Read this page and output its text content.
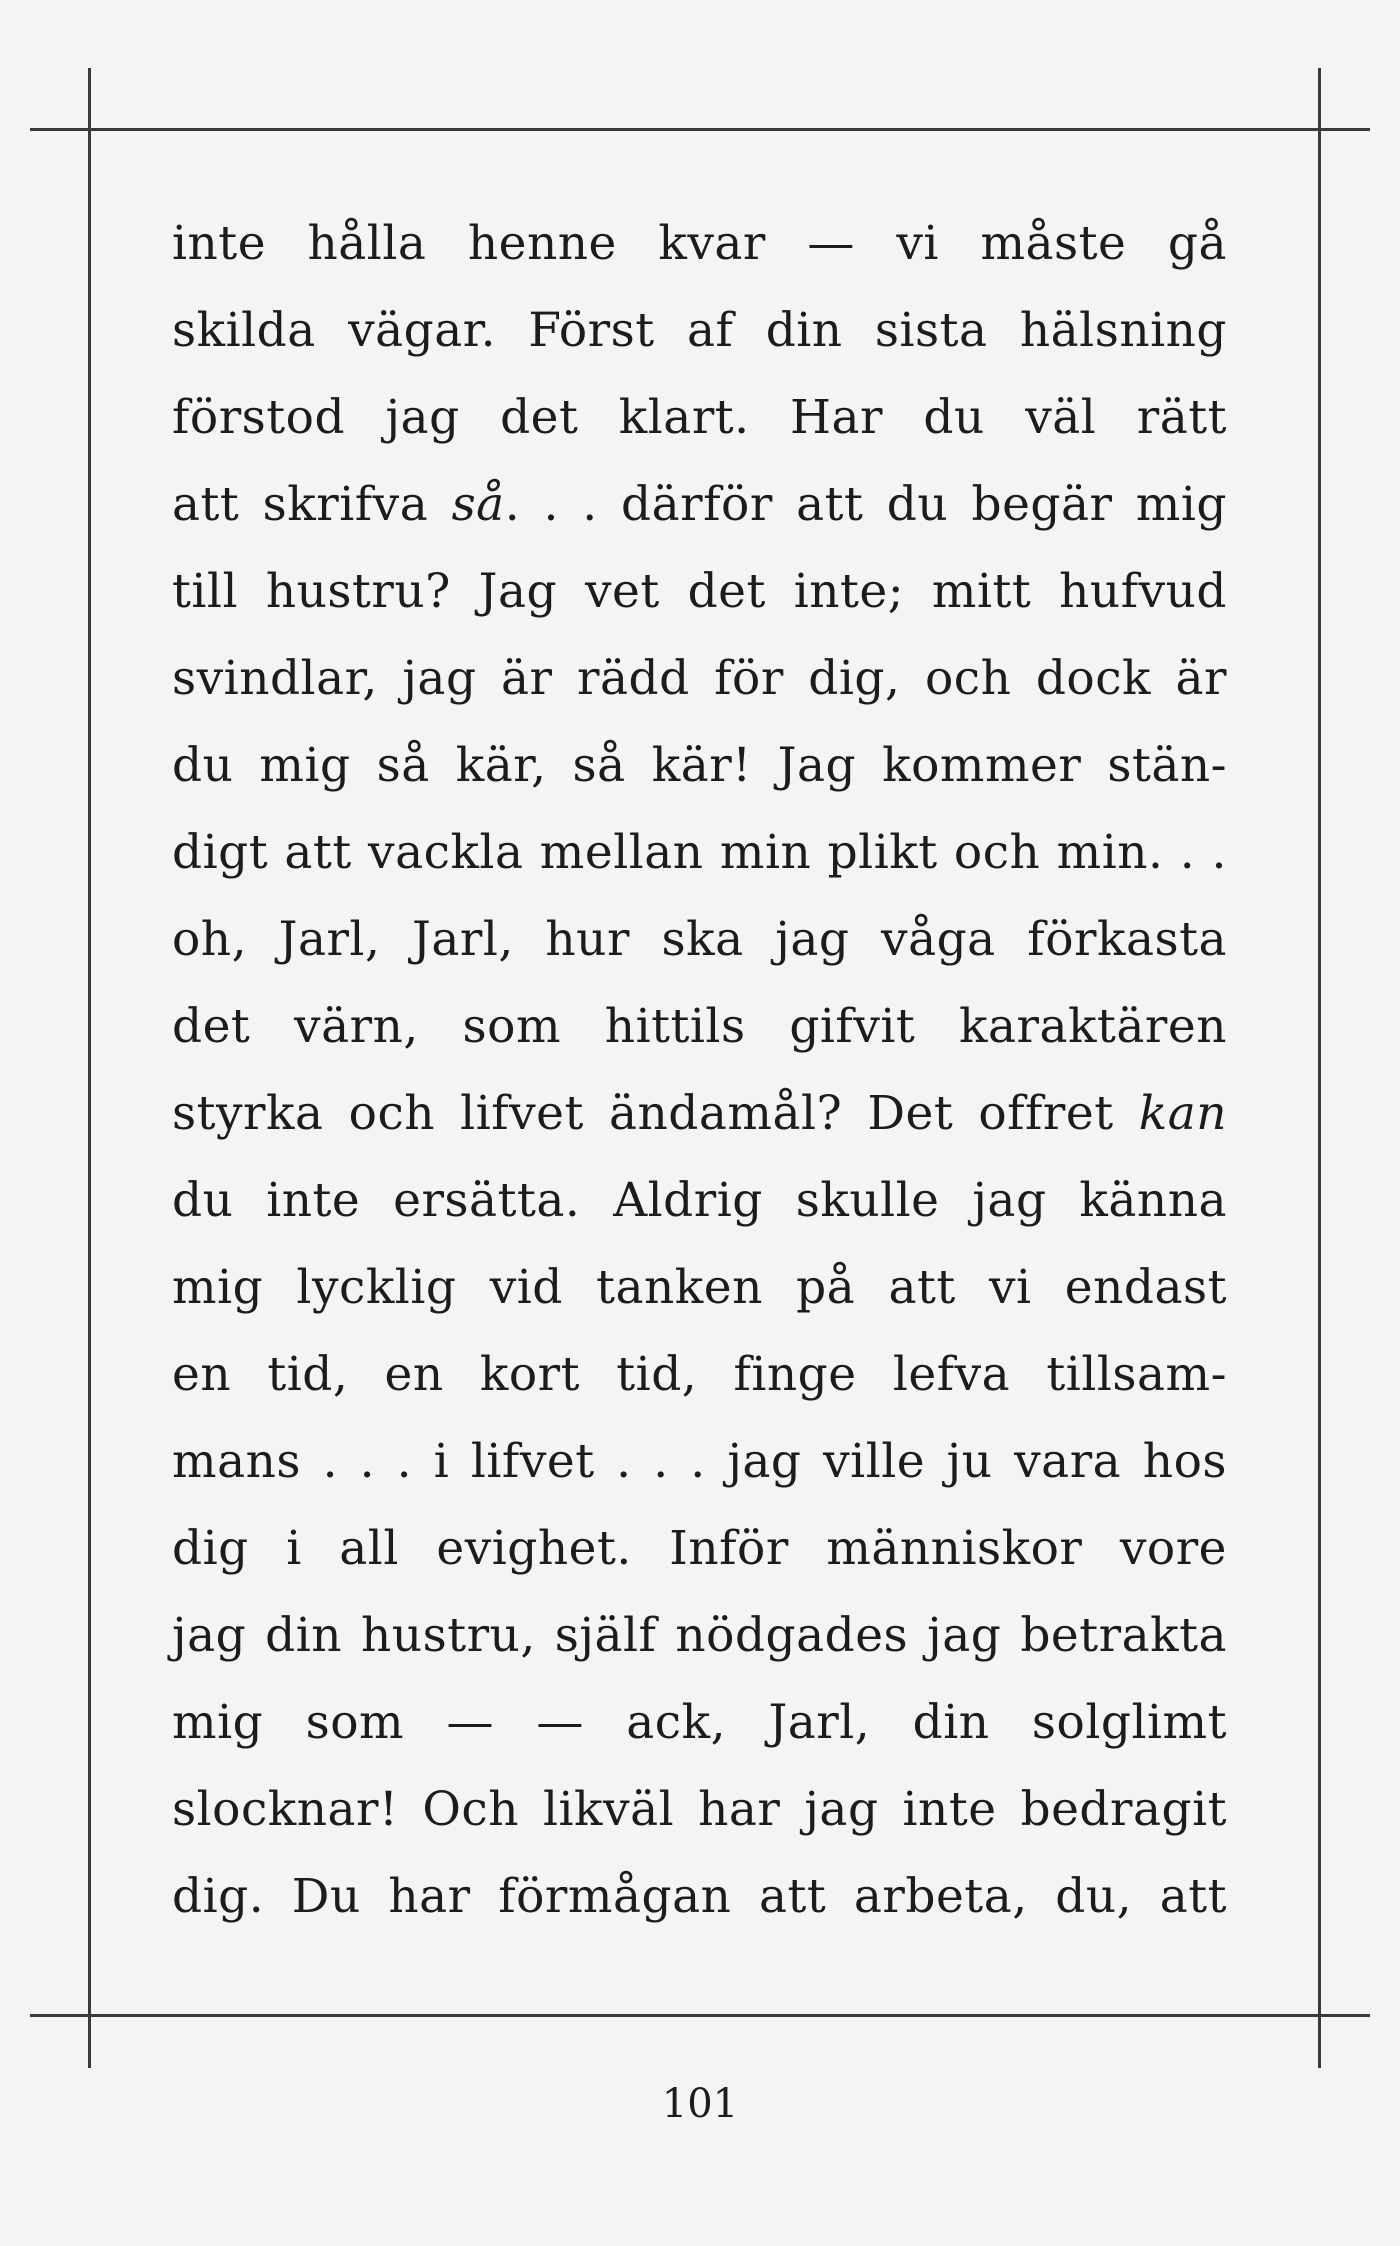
inte hålla henne kvar — vi måste gå
skilda vägar. Först af din sista hälsning
förstod jag det klart. Har du väl rätt
att skrifva så. . . därför att du begär mig
till hustru? Jag vet det inte; mitt hufvud
svindlar, jag är rädd för dig, och dock är
du mig så kär, så kär! Jag kommer stän-
digt att vackla mellan min plikt och min. . .
oh, Jarl, Jarl, hur ska jag våga förkasta
det värn, som hittils gifvit karaktären
styrka och lifvet ändamål? Det offret kan
du inte ersätta. Aldrig skulle jag känna
mig lycklig vid tanken på att vi endast
en tid, en kort tid, finge lefva tillsam-
mans . . . i lifvet . . . jag ville ju vara hos
dig i all evighet. Inför människor vore
jag din hustru, själf nödgades jag betrakta
mig som — — ack, Jarl, din solglimt
slocknar! Och likväl har jag inte bedragit
dig. Du har förmågan att arbeta, du, att
101
